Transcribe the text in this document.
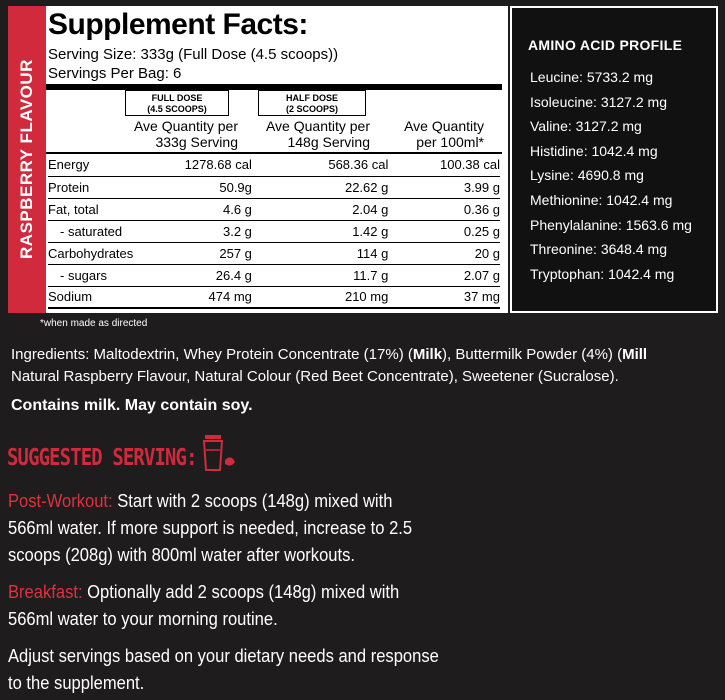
RASPBERRY FLAVOUR
Supplement Facts:
Serving Size: 333g (Full Dose (4.5 scoops))
Servings Per Bag: 6
FULL DOSE
(4.5 SCOOPS)
HALF DOSE
(2 SCOOPS)
Ave Quantity per
333g Serving
Ave Quantity per
148g Serving
Ave Quantity
per 100ml*
Energy	1278.68 cal	568.36 cal	100.38 cal
Protein	50.9g	22.62 g	3.99 g
Fat, total	4.6 g	2.04 g	0.36 g
- saturated	3.2 g	1.42 g	0.25 g
Carbohydrates	257 g	114 g	20 g
- sugars	26.4 g	11.7 g	2.07 g
Sodium	474 mg	210 mg	37 mg
AMINO ACID PROFILE
Leucine: 5733.2 mg
Isoleucine: 3127.2 mg
Valine: 3127.2 mg
Histidine: 1042.4 mg
Lysine: 4690.8 mg
Methionine: 1042.4 mg
Phenylalanine: 1563.6 mg
Threonine: 3648.4 mg
Tryptophan: 1042.4 mg
*when made as directed
Ingredients: Maltodextrin, Whey Protein Concentrate (17%) (Milk), Buttermilk Powder (4%) (Mill
Natural Raspberry Flavour, Natural Colour (Red Beet Concentrate), Sweetener (Sucralose).
Contains milk. May contain soy.
SUGGESTED SERVING:
Post-Workout: Start with 2 scoops (148g) mixed with 566ml water. If more support is needed, increase to 2.5 scoops (208g) with 800ml water after workouts.
Breakfast: Optionally add 2 scoops (148g) mixed with 566ml water to your morning routine.
Adjust servings based on your dietary needs and response to the supplement.
